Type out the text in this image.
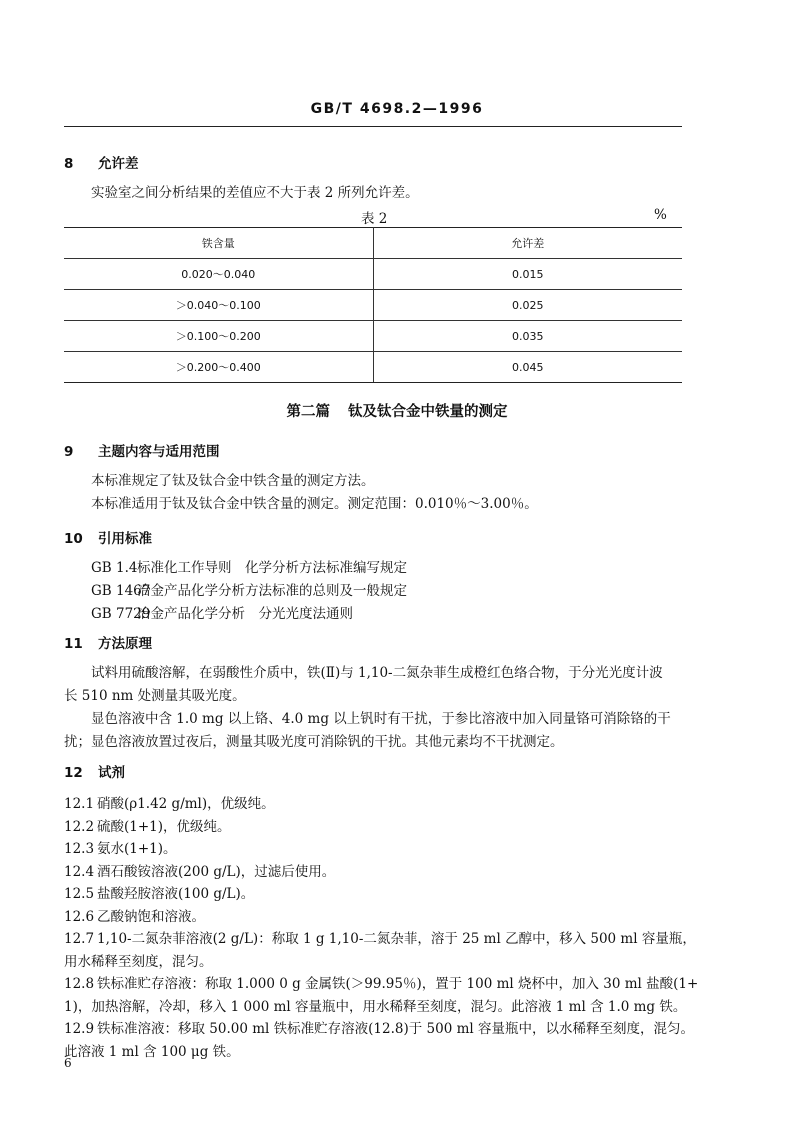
GB/T 4698.2—1996
8 允许差
实验室之间分析结果的差值应不大于表 2 所列允许差。
表 2	%
铁含量	允许差
0.020～0.040	0.015
＞0.040～0.100	0.025
＞0.100～0.200	0.035
＞0.200～0.400	0.045
第二篇 钛及钛合金中铁量的测定
9 主题内容与适用范围
本标准规定了钛及钛合金中铁含量的测定方法。
本标准适用于钛及钛合金中铁含量的测定。测定范围：0.010％～3.00％。
10 引用标准
GB 1.4标准化工作导则　化学分析方法标准编写规定
GB 1467冶金产品化学分析方法标准的总则及一般规定
GB 7729冶金产品化学分析　分光光度法通则
11 方法原理
试料用硫酸溶解，在弱酸性介质中，铁(Ⅱ)与 1,10-二氮杂菲生成橙红色络合物，于分光光度计波
长 510 nm 处测量其吸光度。
显色溶液中含 1.0 mg 以上铬、4.0 mg 以上钒时有干扰，于参比溶液中加入同量铬可消除铬的干
扰；显色溶液放置过夜后，测量其吸光度可消除钒的干扰。其他元素均不干扰测定。
12 试剂
12.1 硝酸(ρ1.42 g/ml)，优级纯。
12.2 硫酸(1+1)，优级纯。
12.3 氨水(1+1)。
12.4 酒石酸铵溶液(200 g/L)，过滤后使用。
12.5 盐酸羟胺溶液(100 g/L)。
12.6 乙酸钠饱和溶液。
12.7 1,10-二氮杂菲溶液(2 g/L)：称取 1 g 1,10-二氮杂菲，溶于 25 ml 乙醇中，移入 500 ml 容量瓶，
用水稀释至刻度，混匀。
12.8 铁标准贮存溶液：称取 1.000 0 g 金属铁(＞99.95％)，置于 100 ml 烧杯中，加入 30 ml 盐酸(1+
1)，加热溶解，冷却，移入 1 000 ml 容量瓶中，用水稀释至刻度，混匀。此溶液 1 ml 含 1.0 mg 铁。
12.9 铁标准溶液：移取 50.00 ml 铁标准贮存溶液(12.8)于 500 ml 容量瓶中，以水稀释至刻度，混匀。
此溶液 1 ml 含 100 μg 铁。
6
